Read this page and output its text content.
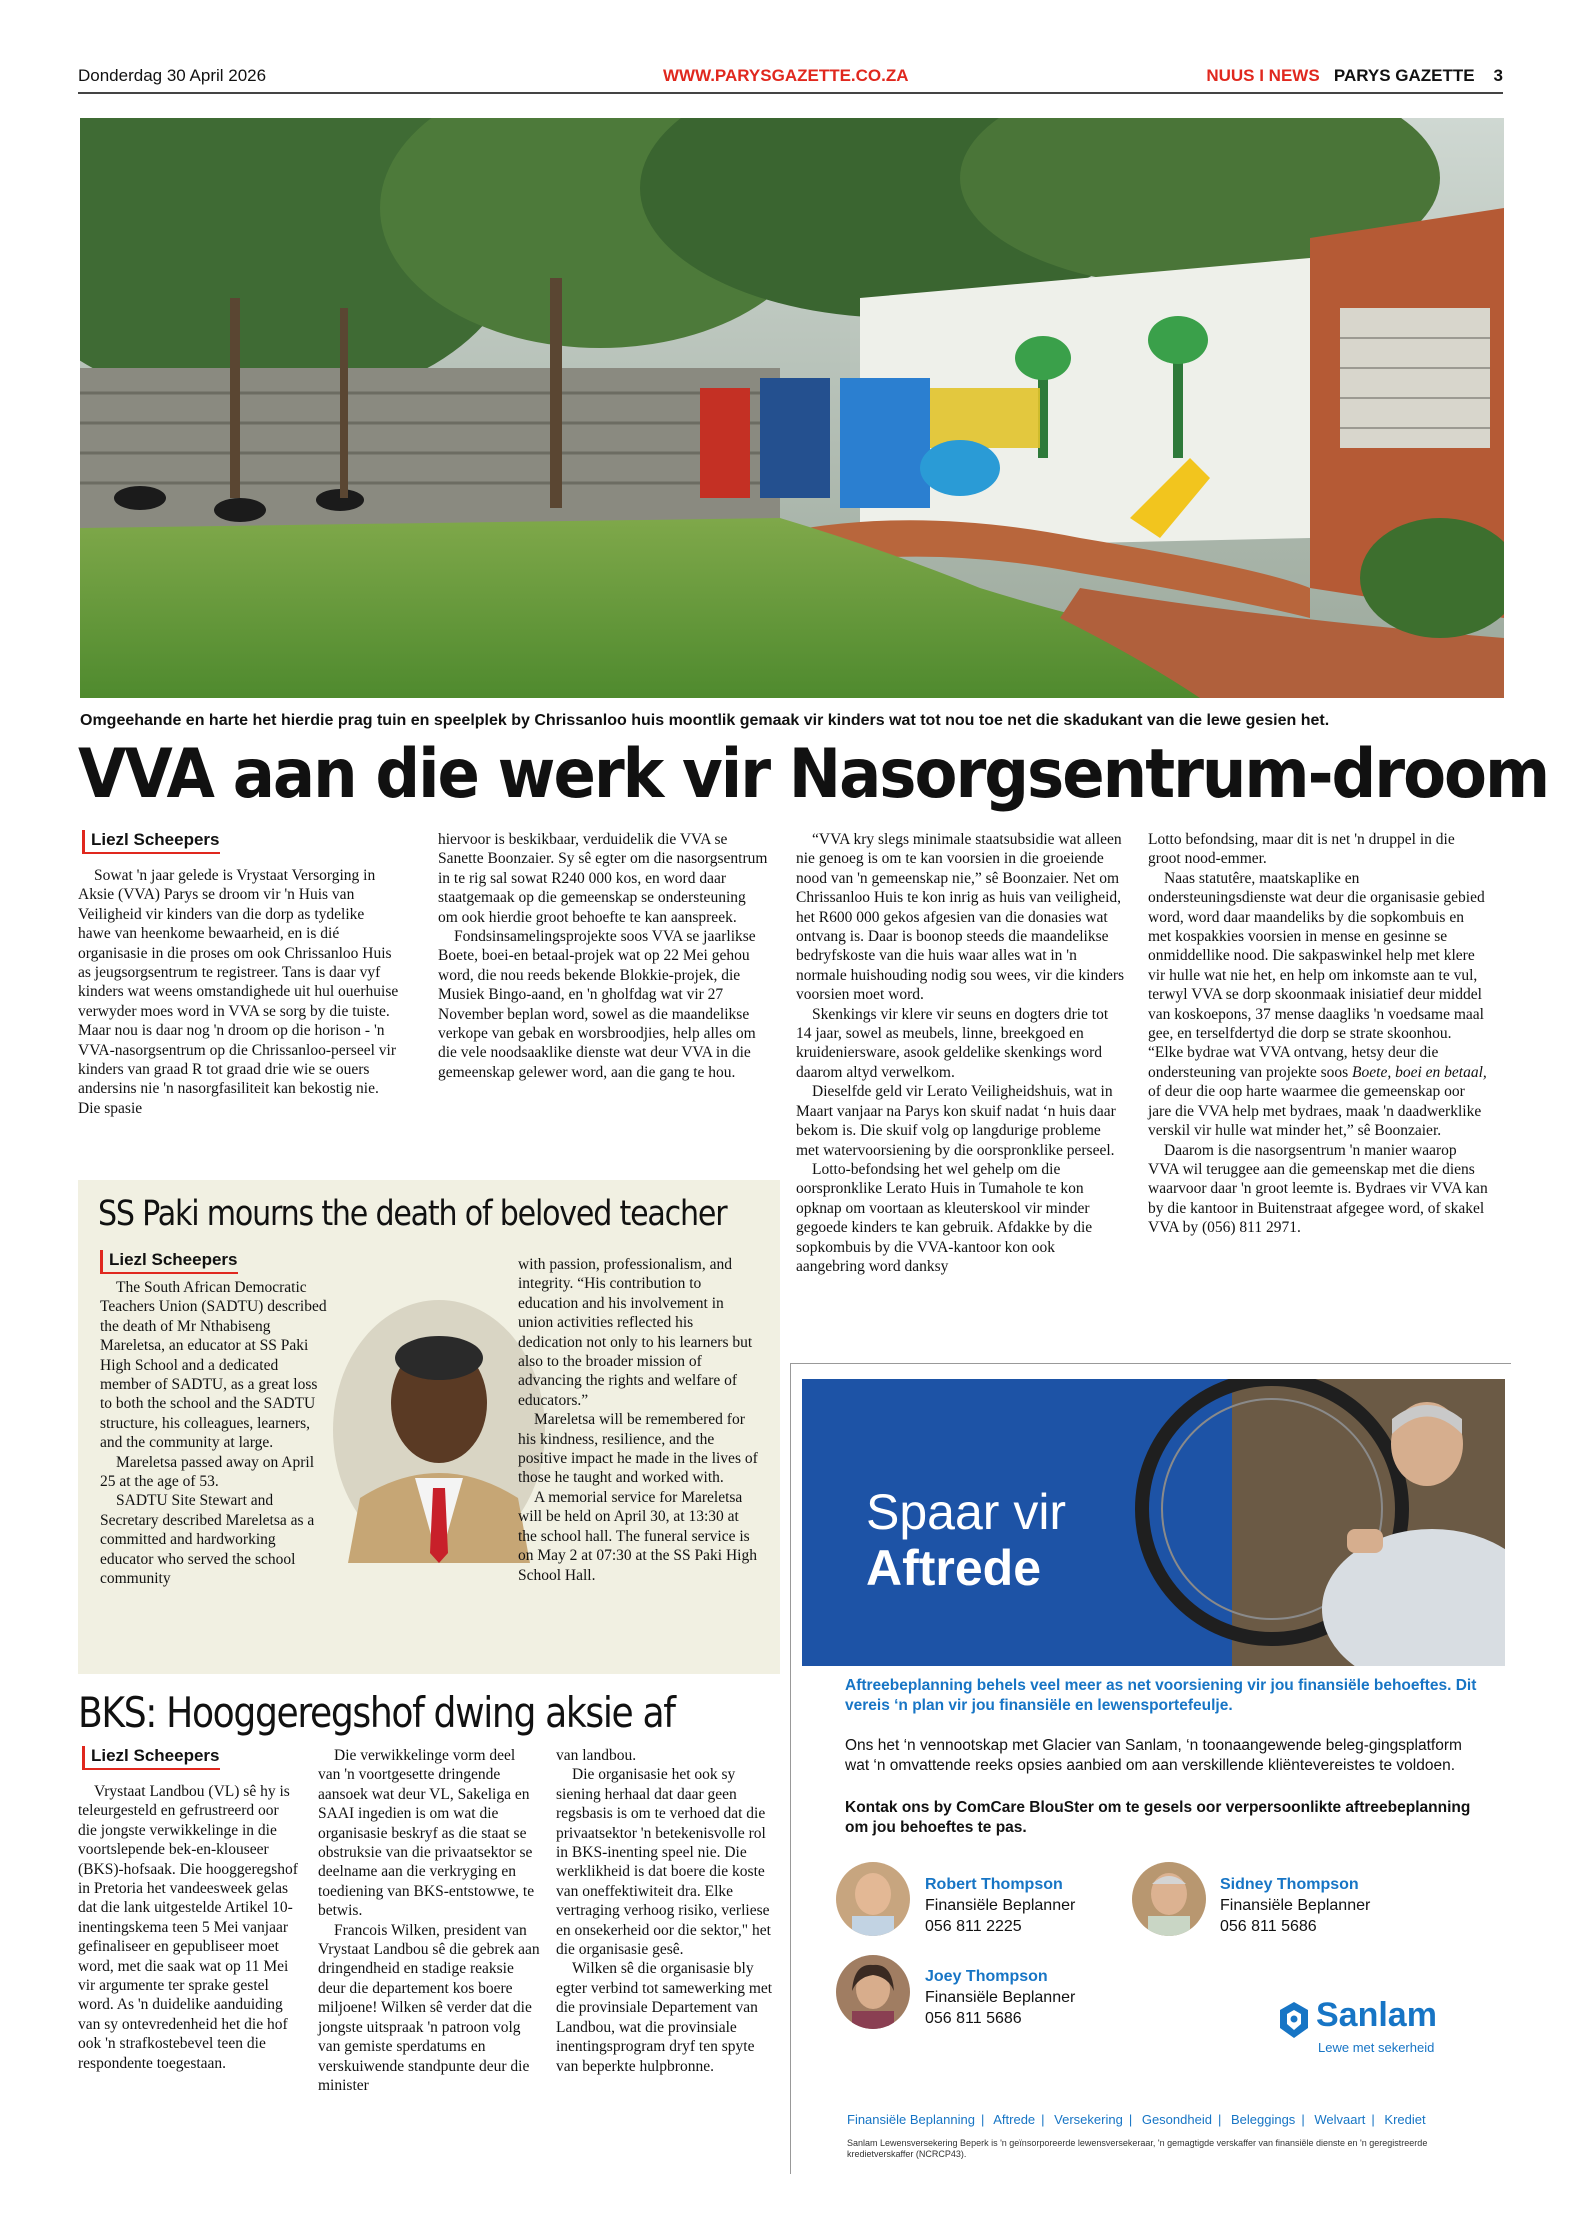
Donderdag 30 April 2026	WWW.PARYSGAZETTE.CO.ZA	NUUS I NEWS PARYS GAZETTE 3
Omgeehande en harte het hierdie prag tuin en speelplek by Chrissanloo huis moontlik gemaak vir kinders wat tot nou toe net die skadukant van die lewe gesien het.
VVA aan die werk vir Nasorgsentrum-droom
Liezl Scheepers

Sowat 'n jaar gelede is Vrystaat Versorging in Aksie (VVA) Parys se droom vir 'n Huis van Veiligheid vir kinders van die dorp as tydelike hawe van heenkome bewaarheid, en is dié organisasie in die proses om ook Chrissanloo Huis as jeugsorgsentrum te registreer. Tans is daar vyf kinders wat weens omstandighede uit hul ouerhuise verwyder moes word in VVA se sorg by die tuiste. Maar nou is daar nog 'n droom op die horison - 'n VVA-nasorgsentrum op die Chrissanloo-perseel vir kinders van graad R tot graad drie wie se ouers andersins nie 'n nasorgfasiliteit kan bekostig nie. Die spasie

hiervoor is beskikbaar, verduidelik die VVA se Sanette Boonzaier. Sy sê egter om die nasorgsentrum in te rig sal sowat R240 000 kos, en word daar staatgemaak op die gemeenskap se ondersteuning om ook hierdie groot behoefte te kan aanspreek.

Fondsinsamelingsprojekte soos VVA se jaarlikse Boete, boei-en betaal-projek wat op 22 Mei gehou word, die nou reeds bekende Blokkie-projek, die Musiek Bingo-aand, en 'n gholfdag wat vir 27 November beplan word, sowel as die maandelikse verkope van gebak en worsbroodjies, help alles om die vele noodsaaklike dienste wat deur VVA in die gemeenskap gelewer word, aan die gang te hou.

“VVA kry slegs minimale staatsubsidie wat alleen nie genoeg is om te kan voorsien in die groeiende nood van 'n gemeenskap nie,” sê Boonzaier. Net om Chrissanloo Huis te kon inrig as huis van veiligheid, het R600 000 gekos afgesien van die donasies wat ontvang is. Daar is boonop steeds die maandelikse bedryfskoste van die huis waar alles wat in 'n normale huishouding nodig sou wees, vir die kinders voorsien moet word.

Skenkings vir klere vir seuns en dogters drie tot 14 jaar, sowel as meubels, linne, breekgoed en kruideniersware, asook geldelike skenkings word daarom altyd verwelkom.

Dieselfde geld vir Lerato Veiligheidshuis, wat in Maart vanjaar na Parys kon skuif nadat ‘n huis daar bekom is. Die skuif volg op langdurige probleme met watervoorsiening by die oorspronklike perseel.

Lotto-befondsing het wel gehelp om die oorspronklike Lerato Huis in Tumahole te kon opknap om voortaan as kleuterskool vir minder gegoede kinders te kan gebruik. Afdakke by die sopkombuis by die VVA-kantoor kon ook aangebring word danksy

Lotto befondsing, maar dit is net 'n druppel in die groot nood-emmer.

Naas statutêre, maatskaplike en ondersteuningsdienste wat deur die organisasie gebied word, word daar maandeliks by die sopkombuis en met kospakkies voorsien in mense en gesinne se onmiddellike nood. Die sakpaswinkel help met klere vir hulle wat nie het, en help om inkomste aan te vul, terwyl VVA se dorp skoonmaak inisiatief deur middel van koskoepons, 37 mense daagliks 'n voedsame maal gee, en terselfdertyd die dorp se strate skoonhou. “Elke bydrae wat VVA ontvang, hetsy deur die ondersteuning van projekte soos Boete, boei en betaal, of deur die oop harte waarmee die gemeenskap oor jare die VVA help met bydraes, maak 'n daadwerklike verskil vir hulle wat minder het,” sê Boonzaier.

Daarom is die nasorgsentrum 'n manier waarop VVA wil teruggee aan die gemeenskap met die diens waarvoor daar 'n groot leemte is. Bydraes vir VVA kan by die kantoor in Buitenstraat afgegee word, of skakel VVA by (056) 811 2971.

SS Paki mourns the death of beloved teacher
Liezl Scheepers

The South African Democratic Teachers Union (SADTU) described the death of Mr Nthabiseng Mareletsa, an educator at SS Paki High School and a dedicated member of SADTU, as a great loss to both the school and the SADTU structure, his colleagues, learners, and the community at large.

Mareletsa passed away on April 25 at the age of 53.

SADTU Site Stewart and Secretary described Mareletsa as a committed and hardworking educator who served the school community

with passion, professionalism, and integrity. “His contribution to education and his involvement in union activities reflected his dedication not only to his learners but also to the broader mission of advancing the rights and welfare of educators.”

Mareletsa will be remembered for his kindness, resilience, and the positive impact he made in the lives of those he taught and worked with.

A memorial service for Mareletsa will be held on April 30, at 13:30 at the school hall. The funeral service is on May 2 at 07:30 at the SS Paki High School Hall.

BKS: Hooggeregshof dwing aksie af
Liezl Scheepers

Vrystaat Landbou (VL) sê hy is teleurgesteld en gefrustreerd oor die jongste verwikkelinge in die voortslepende bek-en-klouseer (BKS)-hofsaak. Die hooggeregshof in Pretoria het vandeesweek gelas dat die lank uitgestelde Artikel 10-inentingskema teen 5 Mei vanjaar gefinaliseer en gepubliseer moet word, met die saak wat op 11 Mei vir argumente ter sprake gestel word. As 'n duidelike aanduiding van sy ontevredenheid het die hof ook 'n strafkostebevel teen die respondente toegestaan.

Die verwikkelinge vorm deel van 'n voortgesette dringende aansoek wat deur VL, Sakeliga en SAAI ingedien is om wat die organisasie beskryf as die staat se obstruksie van die privaatsektor se deelname aan die verkryging en toediening van BKS-entstowwe, te betwis.

Francois Wilken, president van Vrystaat Landbou sê die gebrek aan dringendheid en stadige reaksie deur die departement kos boere miljoene! Wilken sê verder dat die jongste uitspraak 'n patroon volg van gemiste sperdatums en verskuiwende standpunte deur die minister

van landbou.

Die organisasie het ook sy siening herhaal dat daar geen regsbasis is om te verhoed dat die privaatsektor 'n betekenisvolle rol in BKS-inenting speel nie. Die werklikheid is dat boere die koste van oneffektiwiteit dra. Elke vertraging verhoog risiko, verliese en onsekerheid oor die sektor," het die organisasie gesê.

Wilken sê die organisasie bly egter verbind tot samewerking met die provinsiale Departement van Landbou, wat die provinsiale inentingsprogram dryf ten spyte van beperkte hulpbronne.

Spaar vir
Aftrede
Aftreebeplanning behels veel meer as net voorsiening vir jou finansiële behoeftes. Dit vereis ‘n plan vir jou finansiële en lewensportefeulje.
Ons het ‘n vennootskap met Glacier van Sanlam, ‘n toonaangewende beleg-gingsplatform wat ‘n omvattende reeks opsies aanbied om aan verskillende kliëntevereistes te voldoen.
Kontak ons by ComCare BlouSter om te gesels oor verpersoonlikte aftreebeplanning om jou behoeftes te pas.
Robert Thompson
Finansiële Beplanner
056 811 2225
Sidney Thompson
Finansiële Beplanner
056 811 5686
Joey Thompson
Finansiële Beplanner
056 811 5686	Sanlam
Lewe met sekerheid
Finansiële Beplanning | Aftrede | Versekering | Gesondheid | Beleggings | Welvaart | Krediet
Sanlam Lewensversekering Beperk is 'n geïnsorporeerde lewensversekeraar, 'n gemagtigde verskaffer van finansiële dienste en 'n geregistreerde kredietverskaffer (NCRCP43).
